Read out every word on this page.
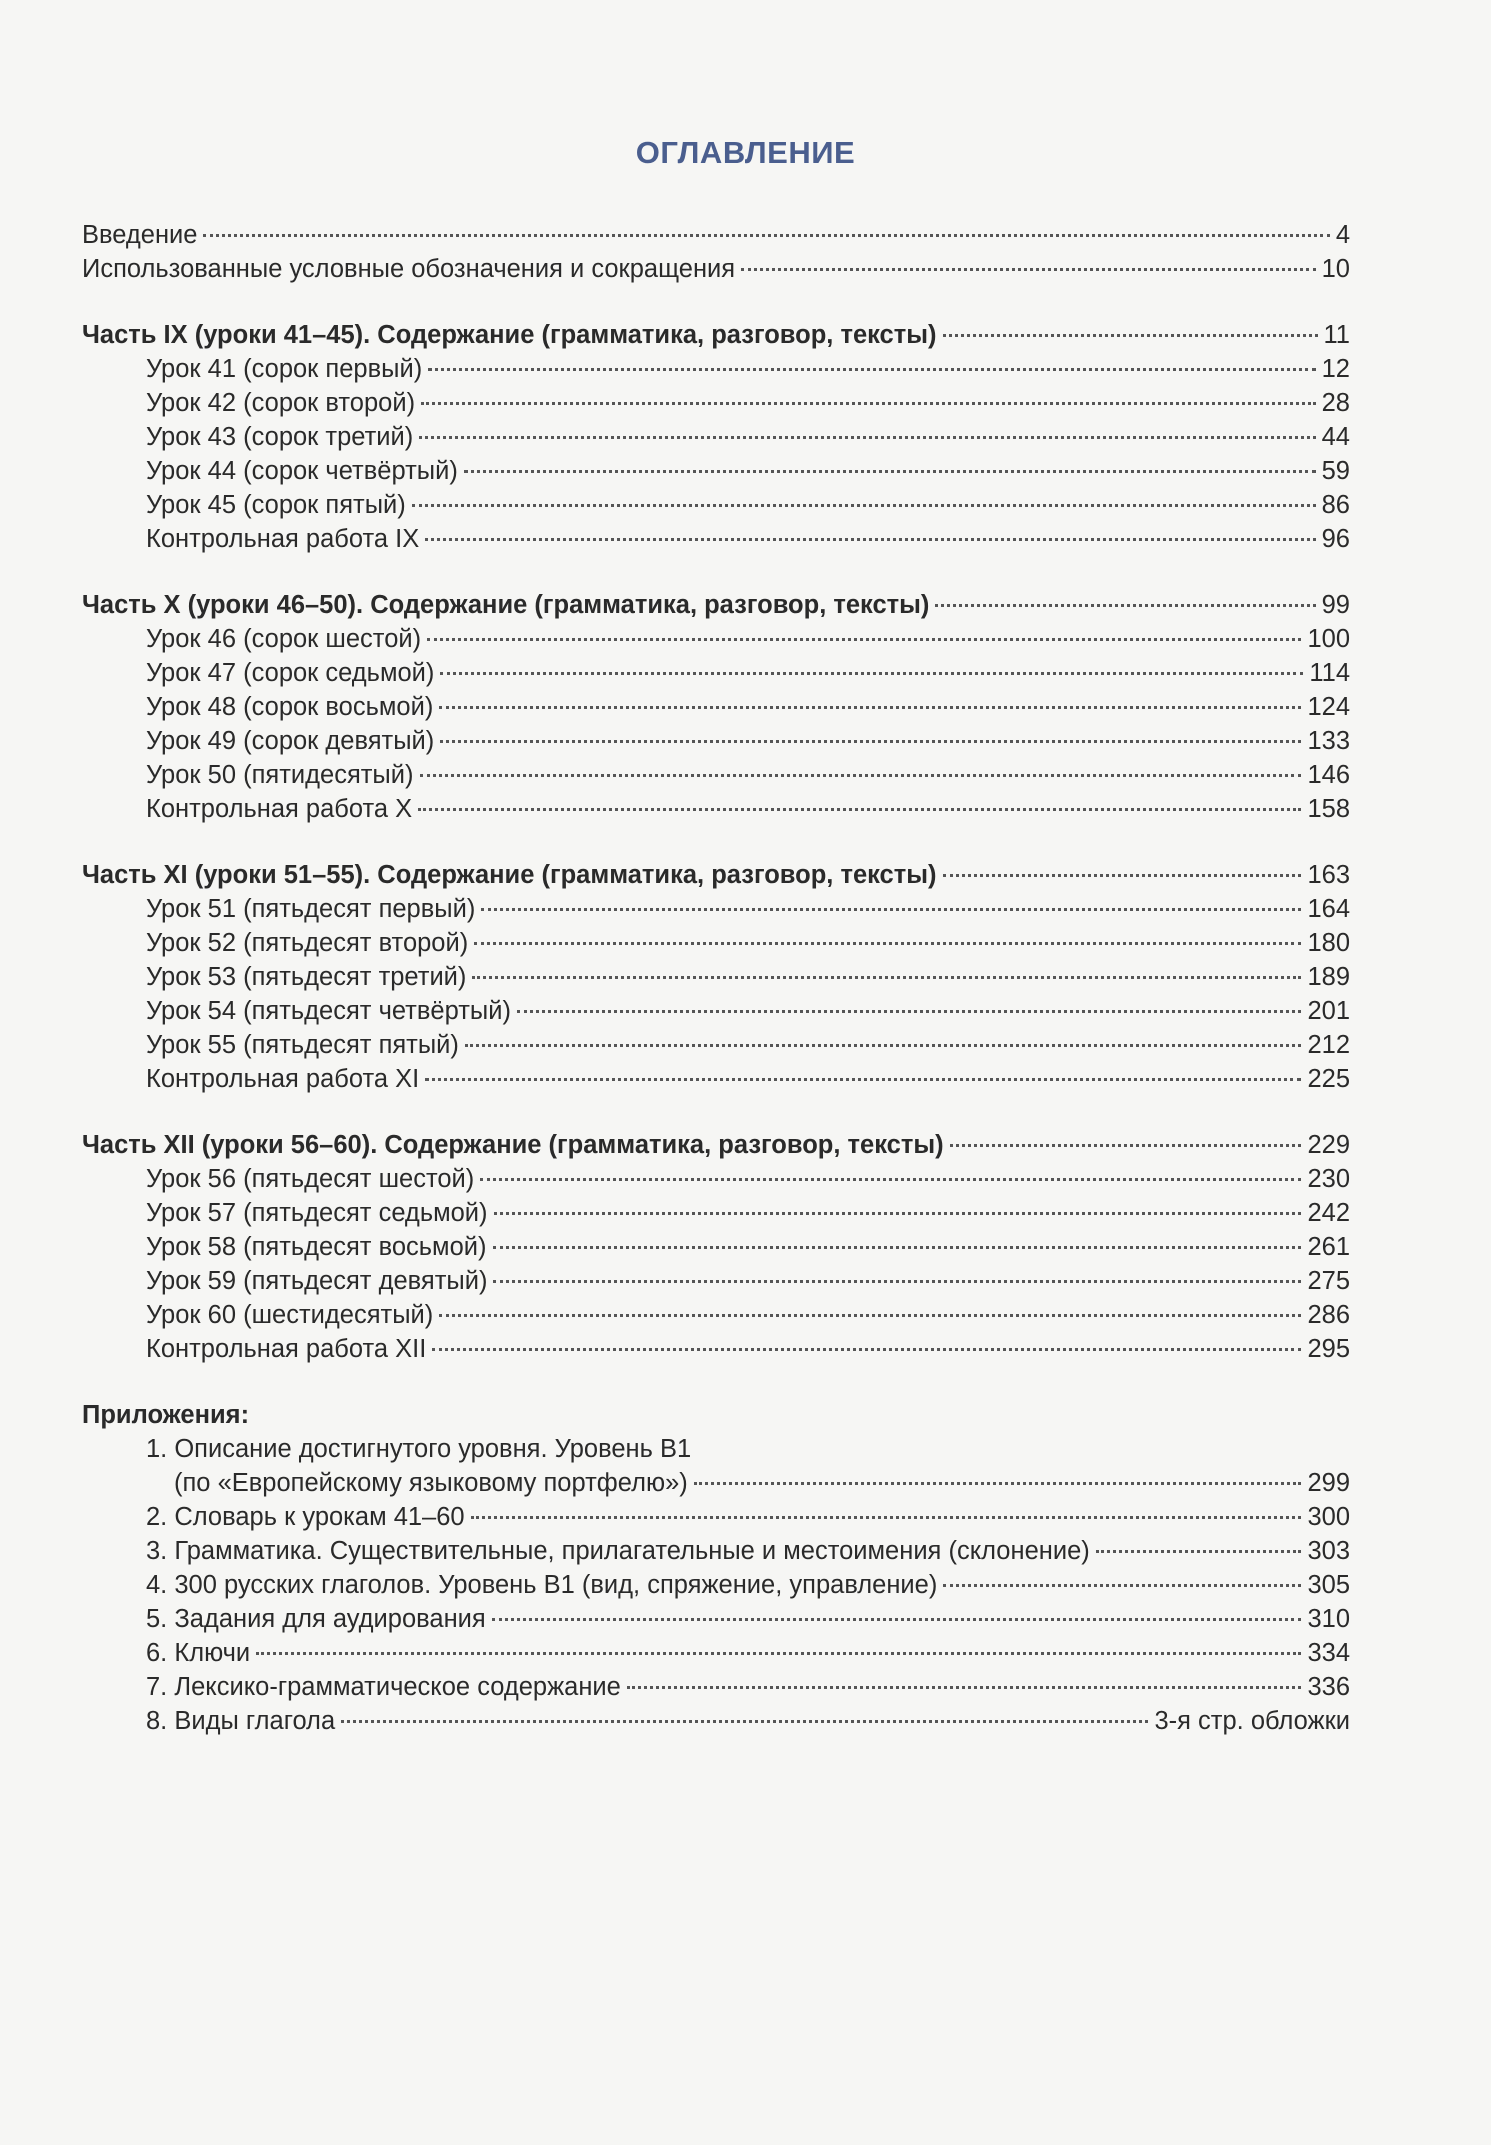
ОГЛАВЛЕНИЕ
Введение	4
Использованные условные обозначения и сокращения	10
Часть IX (уроки 41–45). Содержание (грамматика, разговор, тексты)	11
Урок 41 (сорок первый)	12
Урок 42 (сорок второй)	28
Урок 43 (сорок третий)	44
Урок 44 (сорок четвёртый)	59
Урок 45 (сорок пятый)	86
Контрольная работа IX	96
Часть X (уроки 46–50). Содержание (грамматика, разговор, тексты)	99
Урок 46 (сорок шестой)	100
Урок 47 (сорок седьмой)	114
Урок 48 (сорок восьмой)	124
Урок 49 (сорок девятый)	133
Урок 50 (пятидесятый)	146
Контрольная работа X	158
Часть XI (уроки 51–55). Содержание (грамматика, разговор, тексты)	163
Урок 51 (пятьдесят первый)	164
Урок 52 (пятьдесят второй)	180
Урок 53 (пятьдесят третий)	189
Урок 54 (пятьдесят четвёртый)	201
Урок 55 (пятьдесят пятый)	212
Контрольная работа XI	225
Часть XII (уроки 56–60). Содержание (грамматика, разговор, тексты)	229
Урок 56 (пятьдесят шестой)	230
Урок 57 (пятьдесят седьмой)	242
Урок 58 (пятьдесят восьмой)	261
Урок 59 (пятьдесят девятый)	275
Урок 60 (шестидесятый)	286
Контрольная работа XII	295
Приложения:
1. Описание достигнутого уровня. Уровень В1
(по «Европейскому языковому портфелю»)	299
2. Словарь к урокам 41–60	300
3. Грамматика. Существительные, прилагательные и местоимения (склонение)	303
4. 300 русских глаголов. Уровень В1 (вид, спряжение, управление)	305
5. Задания для аудирования	310
6. Ключи	334
7. Лексико-грамматическое содержание	336
8. Виды глагола	3-я стр. обложки
